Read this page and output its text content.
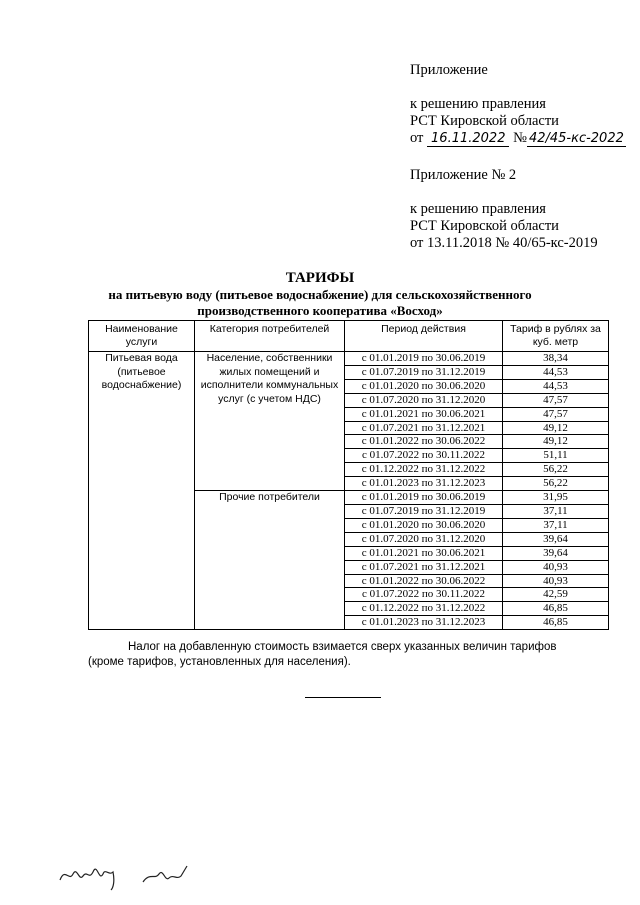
Приложение

к решению правления

РСТ Кировской области

от 16.11.2022 № 42/45-кс-2022

Приложение № 2

к решению правления

РСТ Кировской области

от 13.11.2018 № 40/65-кс-2019

ТАРИФЫ
на питьевую воду (питьевое водоснабжение) для сельскохозяйственного
производственного кооператива «Восход»
Наименование услуги	Категория потребителей	Период действия	Тариф в рублях за куб. метр
Питьевая вода (питьевое водоснабжение)	Население, собственники жилых помещений и исполнители коммунальных услуг (с учетом НДС)	с 01.01.2019 по 30.06.2019	38,34
		с 01.07.2019 по 31.12.2019	44,53
		с 01.01.2020 по 30.06.2020	44,53
		с 01.07.2020 по 31.12.2020	47,57
		с 01.01.2021 по 30.06.2021	47,57
		с 01.07.2021 по 31.12.2021	49,12
		с 01.01.2022 по 30.06.2022	49,12
		с 01.07.2022 по 30.11.2022	51,11
		с 01.12.2022 по 31.12.2022	56,22
		с 01.01.2023 по 31.12.2023	56,22
	Прочие потребители	с 01.01.2019 по 30.06.2019	31,95
		с 01.07.2019 по 31.12.2019	37,11
		с 01.01.2020 по 30.06.2020	37,11
		с 01.07.2020 по 31.12.2020	39,64
		с 01.01.2021 по 30.06.2021	39,64
		с 01.07.2021 по 31.12.2021	40,93
		с 01.01.2022 по 30.06.2022	40,93
		с 01.07.2022 по 30.11.2022	42,59
		с 01.12.2022 по 31.12.2022	46,85
		с 01.01.2023 по 31.12.2023	46,85
Налог на добавленную стоимость взимается сверх указанных величин тарифов
(кроме тарифов, установленных для населения).
